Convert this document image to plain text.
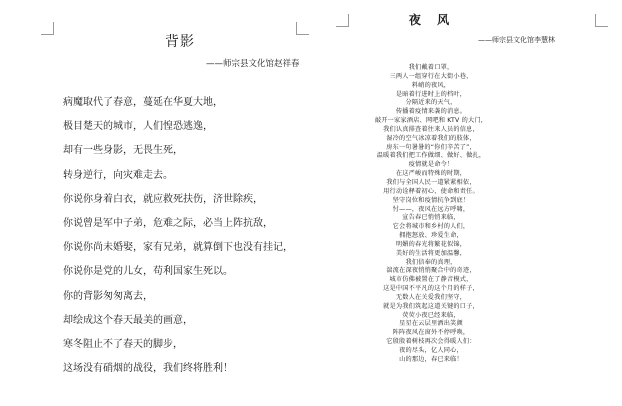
背影
——师宗县文化馆赵祥春
病魔取代了春意，蔓延在华夏大地，
极目楚天的城市，人们惶恐逃逸，
却有一些身影，无畏生死，
转身逆行，向灾难走去。
你说你身着白衣，就应救死扶伤，济世除疾，
你说曾是军中子弟，危难之际，必当上阵抗敌，
你说你尚未婚娶，家有兄弟，就算倒下也没有挂记，
你说你是党的儿女，苟利国家生死以。
你的背影匆匆离去，
却绘成这个春天最美的画意，
寒冬阻止不了春天的脚步，
这场没有硝烟的战役，我们终将胜利！
夜 风
——师宗县文化馆李慧林
我们戴着口罩，
三两人一组穿行在大街小巷，
料峭的夜风，
是暗着行进时上的档叶，
分隔近来的天气，
传播着疫情来袭的消息。
敲开一家家酒店、网吧和 KTV 的大门，
我们认真排查着往来人员的信息，
湿冷的空气冰凉着我们的肢体，
房东一句暑暑的“你们辛苦了”，
温暖着我们把工作做细、做好、做扎，
疫情就是命令！
在这严峻而特殊的时期，
我们与全国人民一道紧紧相依，
用行动诠释着初心、使命和责任。
坚守岗位和疫情抗争到底！
忖——，夜风在远方呼啸，
宣告春已悄悄来临，
它会将城市和乡村的人们，
拥抱怒放、珍爱生命，
明媚的春光将繁花似锦，
美好的生活将更加温馨，
我们信奉的真理，
湍流在深夜悄悄聚合中的奇迹，
城市仿佛被置在了静音模式，
这是中国不平凡的这个月的样子，
无数人在关爱我们坚守，
就是为我们筑起这道关键的口子，
荧荧小夜已经来临，
星星在云层里洒出笑颜
阵阵夜风在窗外不停呼唤，
它殷殷着树枝再次会得暖人们：
夜的尽头，亿人同心，
山的那边，春已来临！
